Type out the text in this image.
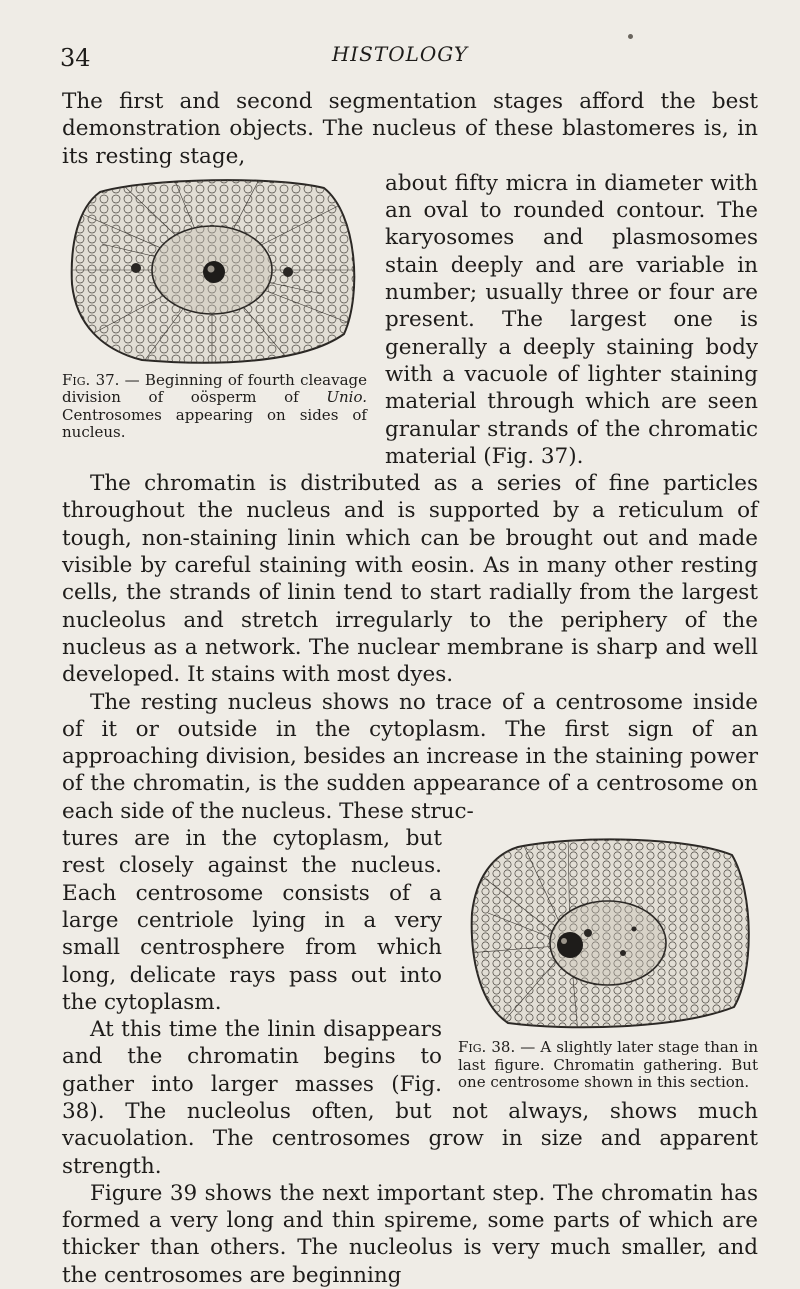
34	HISTOLOGY

The first and second segmentation stages afford the best demonstration objects. The nucleus of these blastomeres is, in its resting stage,

Fig. 37. — Beginning of fourth cleavage division of oösperm of Unio. Centrosomes appearing on sides of nucleus.

about fifty micra in diameter with an oval to rounded contour. The karyosomes and plasmosomes stain deeply and are variable in number; usually three or four are present. The largest one is generally a deeply staining body with a vacuole of lighter staining material through which are seen granular strands of the chromatic material (Fig. 37).

The chromatin is distributed as a series of fine particles throughout the nucleus and is supported by a reticulum of tough, non-staining linin which can be brought out and made visible by careful staining with eosin. As in many other resting cells, the strands of linin tend to start radially from the largest nucleolus and stretch irregularly to the periphery of the nucleus as a network. The nuclear membrane is sharp and well developed. It stains with most dyes.

The resting nucleus shows no trace of a centrosome inside of it or outside in the cytoplasm. The first sign of an approaching division, besides an increase in the staining power of the chromatin, is the sudden appearance of a centrosome on each side of the nucleus. These struc-

Fig. 38. — A slightly later stage than in last figure. Chromatin gathering. But one centrosome shown in this section.

tures are in the cytoplasm, but rest closely against the nucleus. Each centrosome consists of a large centriole lying in a very small centrosphere from which long, delicate rays pass out into the cytoplasm.

At this time the linin disappears and the chromatin begins to gather into larger masses (Fig. 38). The nucleolus often, but not always, shows much vacuolation. The centrosomes grow in size and apparent strength.

Figure 39 shows the next important step. The chromatin has formed a very long and thin spireme, some parts of which are thicker than others. The nucleolus is very much smaller, and the centrosomes are beginning
